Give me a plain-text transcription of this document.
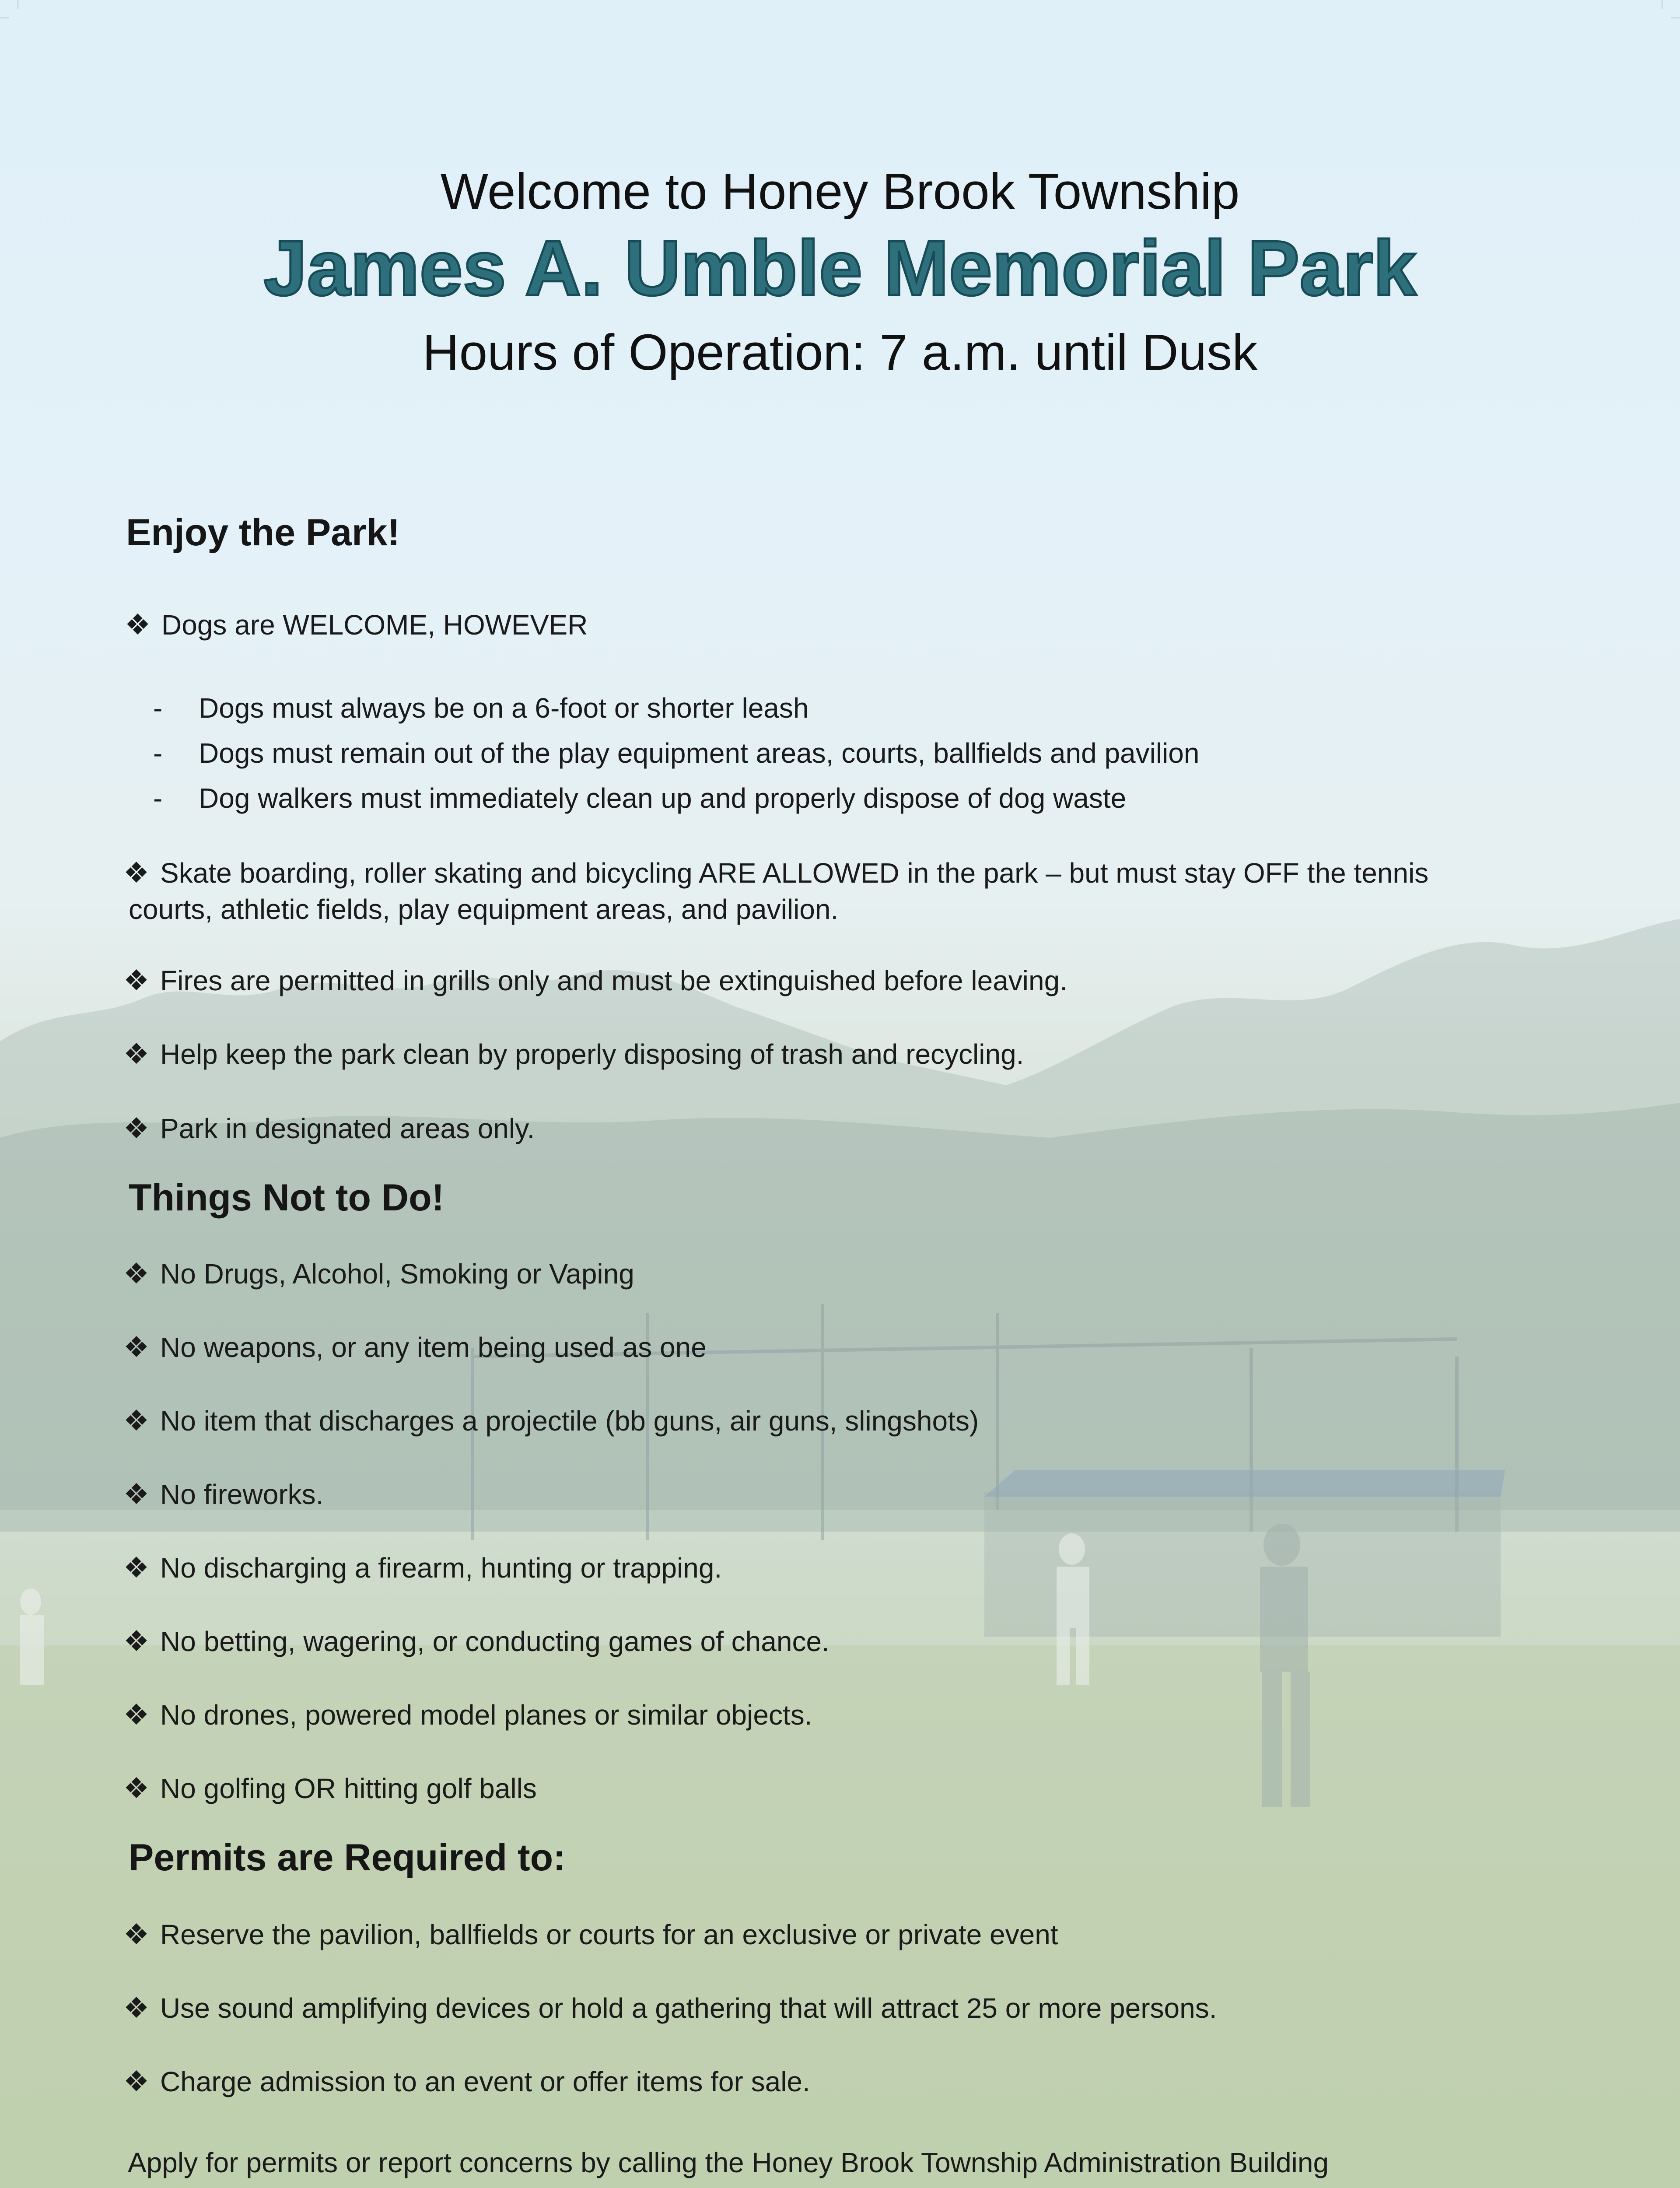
Welcome to Honey Brook Township
James A. Umble Memorial Park
Hours of Operation: 7 a.m. until Dusk
Enjoy the Park!
❖ Dogs are WELCOME, HOWEVER
- Dogs must always be on a 6-foot or shorter leash
- Dogs must remain out of the play equipment areas, courts, ballfields and pavilion
- Dog walkers must immediately clean up and properly dispose of dog waste
❖ Skate boarding, roller skating and bicycling ARE ALLOWED in the park – but must stay OFF the tennis
courts, athletic fields, play equipment areas, and pavilion.
❖ Fires are permitted in grills only and must be extinguished before leaving.
❖ Help keep the park clean by properly disposing of trash and recycling.
❖ Park in designated areas only.
Things Not to Do!
❖ No Drugs, Alcohol, Smoking or Vaping
❖ No weapons, or any item being used as one
❖ No item that discharges a projectile (bb guns, air guns, slingshots)
❖ No fireworks.
❖ No discharging a firearm, hunting or trapping.
❖ No betting, wagering, or conducting games of chance.
❖ No drones, powered model planes or similar objects.
❖ No golfing OR hitting golf balls
Permits are Required to:
❖ Reserve the pavilion, ballfields or courts for an exclusive or private event
❖ Use sound amplifying devices or hold a gathering that will attract 25 or more persons.
❖ Charge admission to an event or offer items for sale.
Apply for permits or report concerns by calling the Honey Brook Township Administration Building
